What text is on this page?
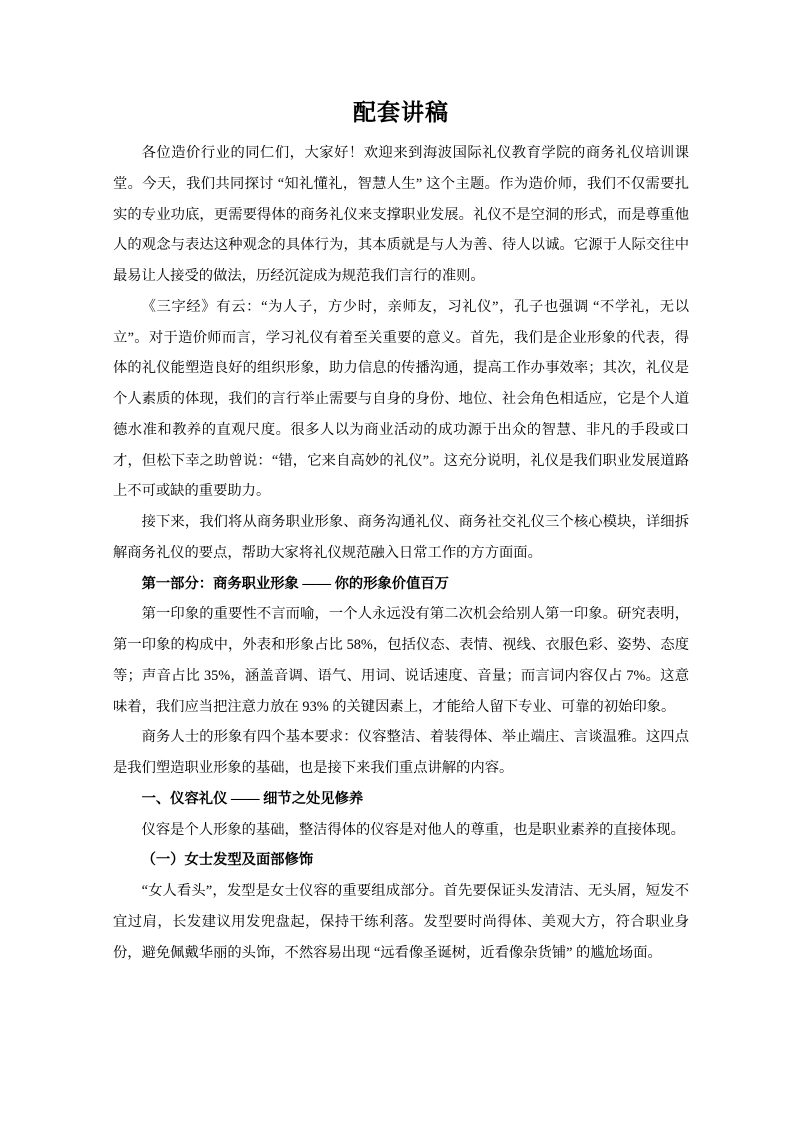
配套讲稿

各位造价行业的同仁们，大家好！欢迎来到海波国际礼仪教育学院的商务礼仪培训课堂。今天，我们共同探讨 “知礼懂礼，智慧人生” 这个主题。作为造价师，我们不仅需要扎实的专业功底，更需要得体的商务礼仪来支撑职业发展。礼仪不是空洞的形式，而是尊重他人的观念与表达这种观念的具体行为，其本质就是与人为善、待人以诚。它源于人际交往中最易让人接受的做法，历经沉淀成为规范我们言行的准则。

《三字经》有云：“为人子，方少时，亲师友，习礼仪”，孔子也强调 “不学礼，无以立”。对于造价师而言，学习礼仪有着至关重要的意义。首先，我们是企业形象的代表，得体的礼仪能塑造良好的组织形象，助力信息的传播沟通，提高工作办事效率；其次，礼仪是个人素质的体现，我们的言行举止需要与自身的身份、地位、社会角色相适应，它是个人道德水准和教养的直观尺度。很多人以为商业活动的成功源于出众的智慧、非凡的手段或口才，但松下幸之助曾说：“错，它来自高妙的礼仪”。这充分说明，礼仪是我们职业发展道路上不可或缺的重要助力。

接下来，我们将从商务职业形象、商务沟通礼仪、商务社交礼仪三个核心模块，详细拆解商务礼仪的要点，帮助大家将礼仪规范融入日常工作的方方面面。

第一部分：商务职业形象 —— 你的形象价值百万

第一印象的重要性不言而喻，一个人永远没有第二次机会给别人第一印象。研究表明，第一印象的构成中，外表和形象占比 58%，包括仪态、表情、视线、衣服色彩、姿势、态度等；声音占比 35%，涵盖音调、语气、用词、说话速度、音量；而言词内容仅占 7%。这意味着，我们应当把注意力放在 93% 的关键因素上，才能给人留下专业、可靠的初始印象。

商务人士的形象有四个基本要求：仪容整洁、着装得体、举止端庄、言谈温雅。这四点是我们塑造职业形象的基础，也是接下来我们重点讲解的内容。

一、仪容礼仪 —— 细节之处见修养

仪容是个人形象的基础，整洁得体的仪容是对他人的尊重，也是职业素养的直接体现。

（一）女士发型及面部修饰

“女人看头”，发型是女士仪容的重要组成部分。首先要保证头发清洁、无头屑，短发不宜过肩，长发建议用发兜盘起，保持干练利落。发型要时尚得体、美观大方，符合职业身份，避免佩戴华丽的头饰，不然容易出现 “远看像圣诞树，近看像杂货铺” 的尴尬场面。
